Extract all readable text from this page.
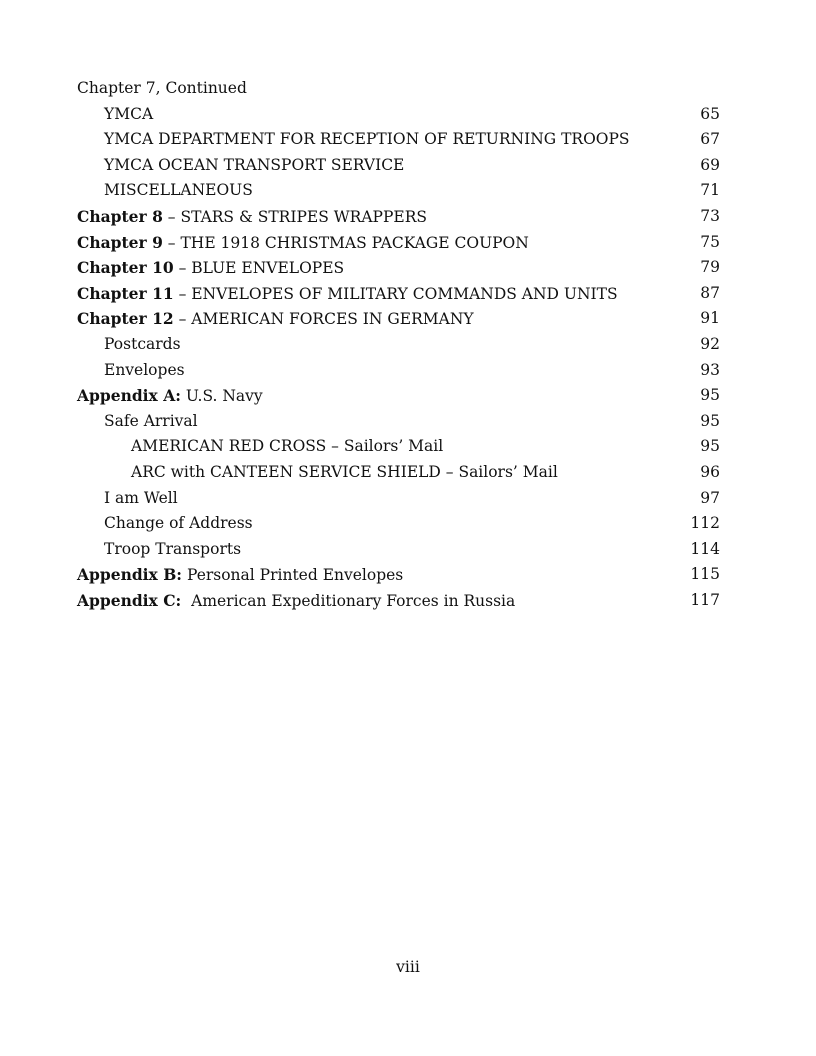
Chapter 7, Continued
YMCA	65
YMCA DEPARTMENT FOR RECEPTION OF RETURNING TROOPS	67
YMCA OCEAN TRANSPORT SERVICE	69
MISCELLANEOUS	71
Chapter 8 – STARS & STRIPES WRAPPERS	73
Chapter 9 – THE 1918 CHRISTMAS PACKAGE COUPON	75
Chapter 10 – BLUE ENVELOPES	79
Chapter 11 – ENVELOPES OF MILITARY COMMANDS AND UNITS	87
Chapter 12 – AMERICAN FORCES IN GERMANY	91
Postcards	92
Envelopes	93
Appendix A: U.S. Navy	95
Safe Arrival	95
AMERICAN RED CROSS – Sailors’ Mail	95
ARC with CANTEEN SERVICE SHIELD – Sailors’ Mail	96
I am Well	97
Change of Address	112
Troop Transports	114
Appendix B: Personal Printed Envelopes	115
Appendix C:  American Expeditionary Forces in Russia	117
viii
